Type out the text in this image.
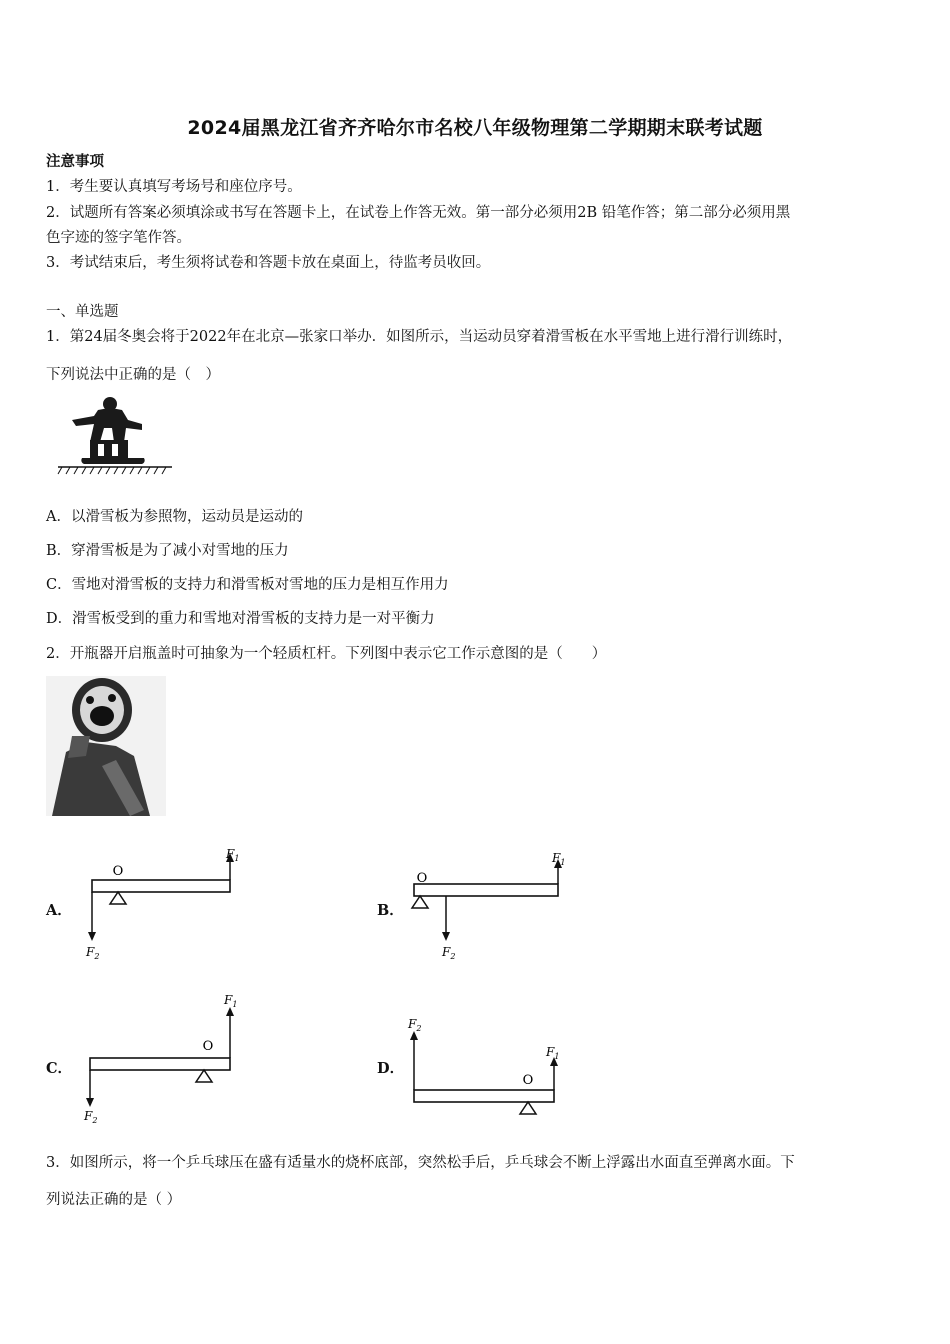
2024届黑龙江省齐齐哈尔市名校八年级物理第二学期期末联考试题
注意事项
1．考生要认真填写考场号和座位序号。
2．试题所有答案必须填涂或书写在答题卡上，在试卷上作答无效。第一部分必须用2B 铅笔作答；第二部分必须用黑
色字迹的签字笔作答。
3．考试结束后，考生须将试卷和答题卡放在桌面上，待监考员收回。
一、单选题
1．第24届冬奥会将于2022年在北京—张家口举办．如图所示，当运动员穿着滑雪板在水平雪地上进行滑行训练时，
下列说法中正确的是（　）
A．以滑雪板为参照物，运动员是运动的
B．穿滑雪板是为了减小对雪地的压力
C．雪地对滑雪板的支持力和滑雪板对雪地的压力是相互作用力
D．滑雪板受到的重力和雪地对滑雪板的支持力是一对平衡力
2．开瓶器开启瓶盖时可抽象为一个轻质杠杆。下列图中表示它工作示意图的是（　　）
A．
O
$F_1$
$F_2$
B．
O
$F_1$
$F_2$
C．
O
$F_1$
$F_2$
D．
O
$F_2$
$F_1$
3．如图所示，将一个乒乓球压在盛有适量水的烧杯底部，突然松手后，乒乓球会不断上浮露出水面直至弹离水面。下
列说法正确的是（ ）
